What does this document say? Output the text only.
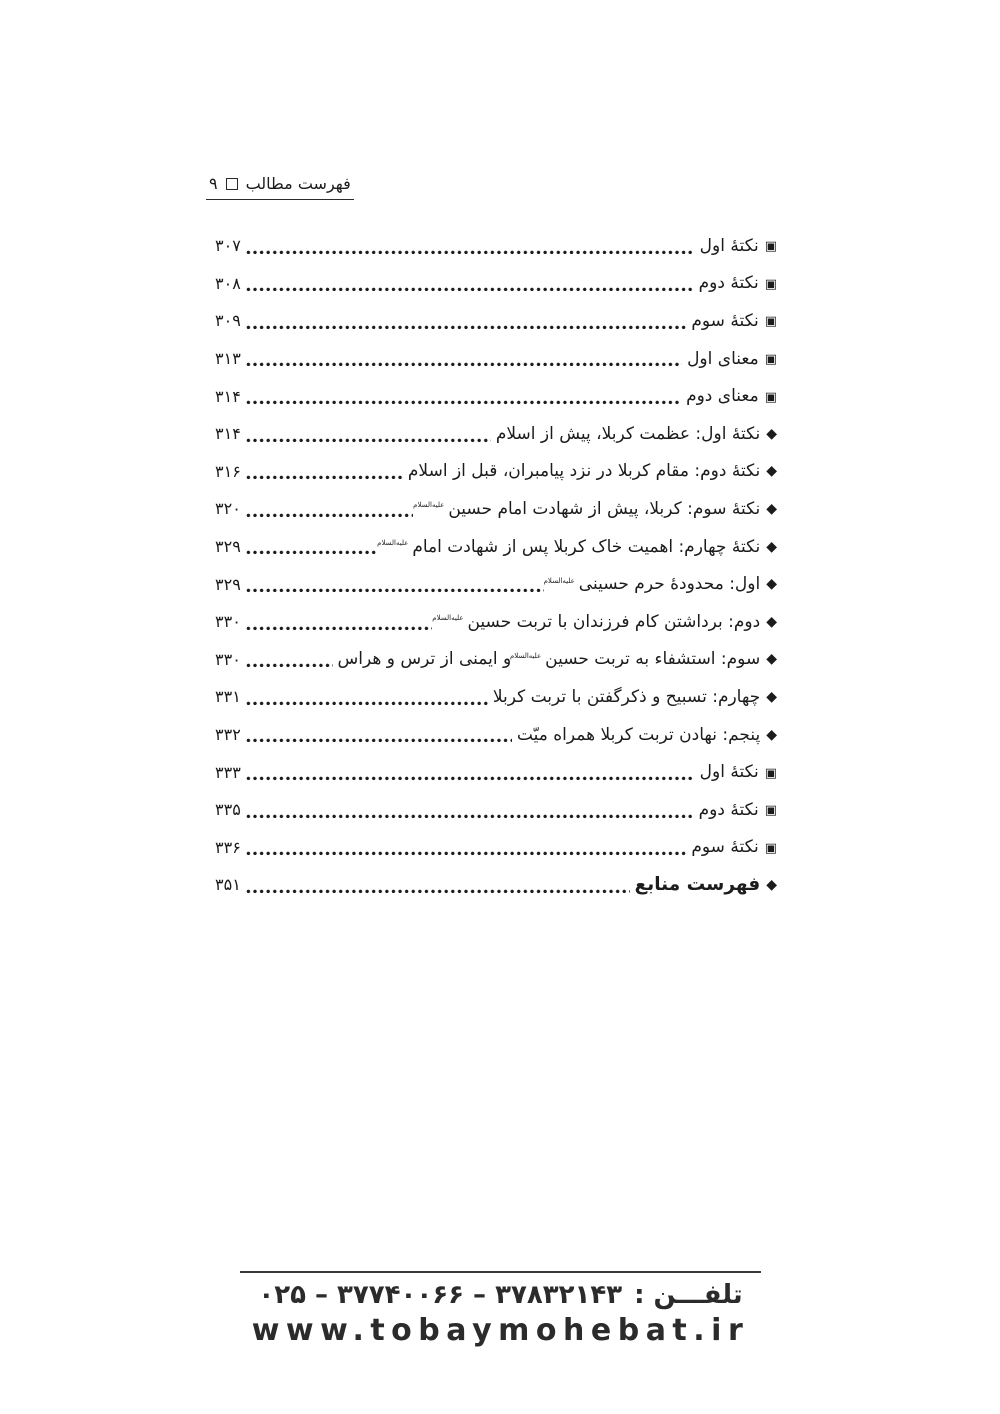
فهرست مطالب
۹
▣
نکتهٔ اول
۳۰۷
▣
نکتهٔ دوم
۳۰۸
▣
نکتهٔ سوم
۳۰۹
▣
معنای اول
۳۱۳
▣
معنای دوم
۳۱۴
◆
نکتهٔ اول: عظمت کربلا، پیش از اسلام
۳۱۴
◆
نکتهٔ دوم: مقام کربلا در نزد پیامبران، قبل از اسلام
۳۱۶
◆
نکتهٔ سوم: کربلا، پیش از شهادت امام حسین
علیه‌السلام
۳۲۰
◆
نکتهٔ چهارم: اهمیت خاک کربلا پس از شهادت امام
علیه‌السلام
۳۲۹
◆
اول: محدودهٔ حرم حسینی
علیه‌السلام
۳۲۹
◆
دوم: برداشتن کام فرزندان با تربت حسین
علیه‌السلام
۳۳۰
◆
سوم: استشفاء به تربت حسین
علیه‌السلام
و ایمنی از ترس و هراس
۳۳۰
◆
چهارم: تسبیح و ذکرگفتن با تربت کربلا
۳۳۱
◆
پنجم: نهادن تربت کربلا همراه میّت
۳۳۲
▣
نکتهٔ اول
۳۳۳
▣
نکتهٔ دوم
۳۳۵
▣
نکتهٔ سوم
۳۳۶
◆
فهرست منابع
۳۵۱
تلفـــن :
۳۷۸۳۲۱۴۳ – ۳۷۷۴۰۰۶۶ – ۰۲۵
www.tobaymohebat.ir
